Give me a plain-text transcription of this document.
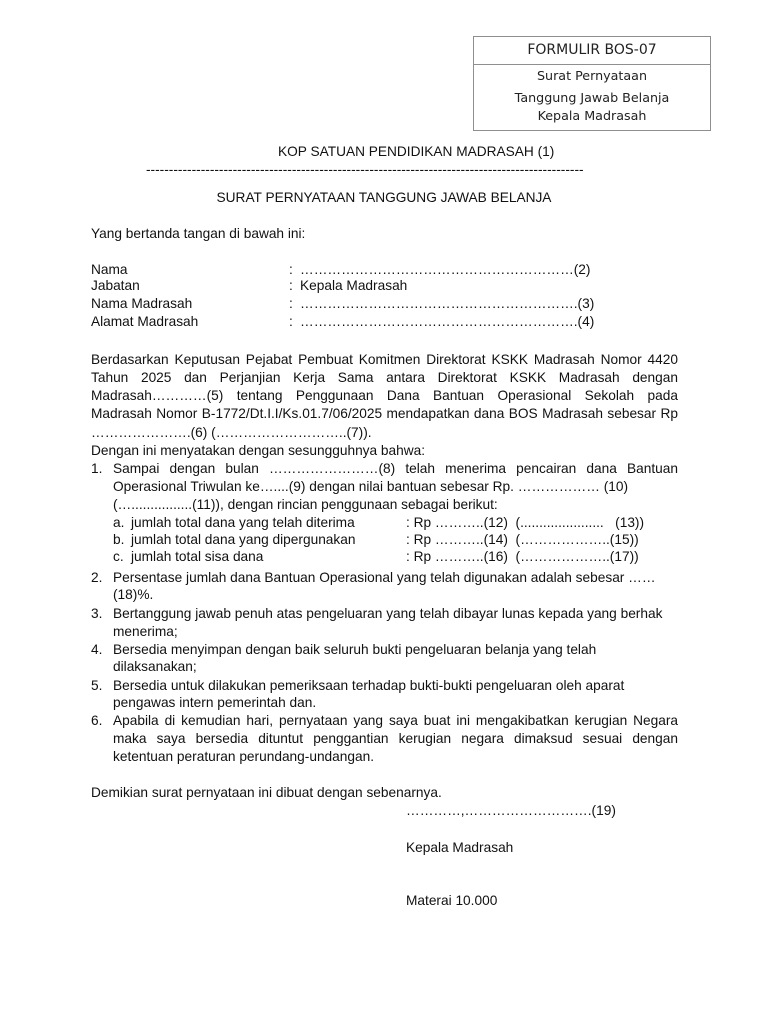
FORMULIR BOS-07
Surat Pernyataan
Tanggung Jawab Belanja
Kepala Madrasah
KOP SATUAN PENDIDIKAN MADRASAH (1)
------------------------------------------------------------------------------------------------
SURAT PERNYATAAN TANGGUNG JAWAB BELANJA
Yang bertanda tangan di bawah ini:
Nama	: ……………………………………………………(2)
Jabatan	: Kepala Madrasah
Nama Madrasah	: …………………………………………………….(3)
Alamat Madrasah	: …………………………………………………….(4)
Berdasarkan Keputusan Pejabat Pembuat Komitmen Direktorat KSKK Madrasah Nomor 4420
Tahun 2025 dan Perjanjian Kerja Sama antara Direktorat KSKK Madrasah dengan
Madrasah…………(5) tentang Penggunaan Dana Bantuan Operasional Sekolah pada
Madrasah Nomor B-1772/Dt.I.I/Ks.01.7/06/2025 mendapatkan dana BOS Madrasah sebesar Rp
………………….(6) (………………………..(7)).
Dengan ini menyatakan dengan sesungguhnya bahwa:
1. Sampai dengan bulan ……………………(8) telah menerima pencairan dana Bantuan
Operasional Triwulan ke…....(9) dengan nilai bantuan sebesar Rp. ……………… (10)
(…................(11)), dengan rincian penggunaan sebagai berikut:
a. jumlah total dana yang telah diterima	: Rp ………..(12)  (......................   (13))
b. jumlah total dana yang dipergunakan	: Rp ………..(14)  (………………..(15))
c. jumlah total sisa dana	: Rp ………..(16)  (………………..(17))
2. Persentase jumlah dana Bantuan Operasional yang telah digunakan adalah sebesar ……
(18)%.
3. Bertanggung jawab penuh atas pengeluaran yang telah dibayar lunas kepada yang berhak
menerima;
4. Bersedia menyimpan dengan baik seluruh bukti pengeluaran belanja yang telah
dilaksanakan;
5. Bersedia untuk dilakukan pemeriksaan terhadap bukti-bukti pengeluaran oleh aparat
pengawas intern pemerintah dan.
6. Apabila di kemudian hari, pernyataan yang saya buat ini mengakibatkan kerugian Negara
maka saya bersedia dituntut penggantian kerugian negara dimaksud sesuai dengan
ketentuan peraturan perundang-undangan.
Demikian surat pernyataan ini dibuat dengan sebenarnya.
…………,……………………….(19)
Kepala Madrasah
Materai 10.000
